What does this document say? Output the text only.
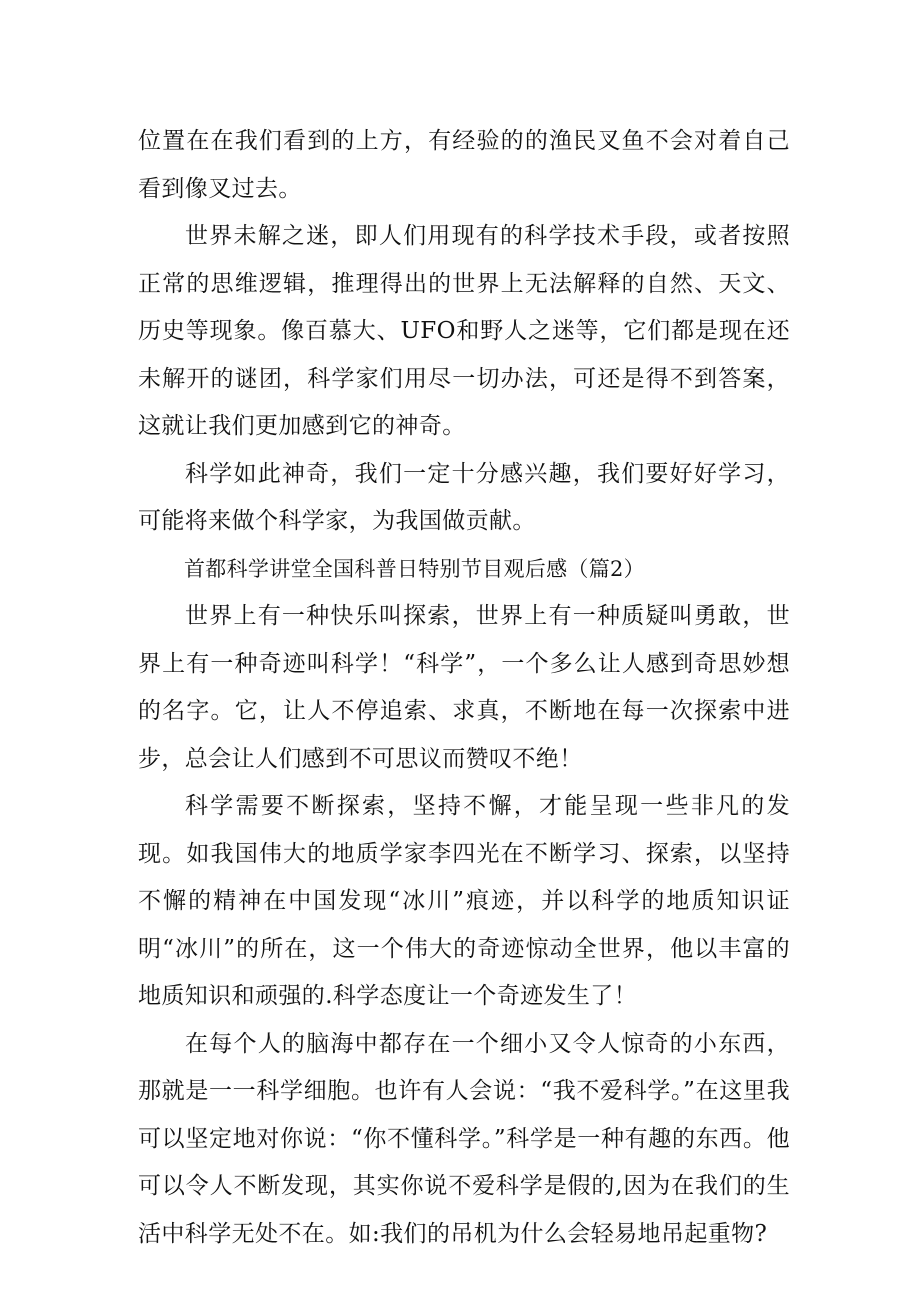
位置在在我们看到的上方，有经验的的渔民叉鱼不会对着自己看到像叉过去。

世界未解之迷，即人们用现有的科学技术手段，或者按照正常的思维逻辑，推理得出的世界上无法解释的自然、天文、历史等现象。像百慕大、UFO和野人之迷等，它们都是现在还未解开的谜团，科学家们用尽一切办法，可还是得不到答案，这就让我们更加感到它的神奇。

科学如此神奇，我们一定十分感兴趣，我们要好好学习，可能将来做个科学家，为我国做贡献。

首都科学讲堂全国科普日特别节目观后感（篇2）

世界上有一种快乐叫探索，世界上有一种质疑叫勇敢，世界上有一种奇迹叫科学！“科学”，一个多么让人感到奇思妙想的名字。它，让人不停追索、求真，不断地在每一次探索中进步，总会让人们感到不可思议而赞叹不绝！

科学需要不断探索，坚持不懈，才能呈现一些非凡的发现。如我国伟大的地质学家李四光在不断学习、探索，以坚持不懈的精神在中国发现“冰川”痕迹，并以科学的地质知识证明“冰川”的所在，这一个伟大的奇迹惊动全世界，他以丰富的地质知识和顽强的.科学态度让一个奇迹发生了！

在每个人的脑海中都存在一个细小又令人惊奇的小东西，那就是一一科学细胞。也许有人会说：“我不爱科学。”在这里我可以坚定地对你说：“你不懂科学。”科学是一种有趣的东西。他可以令人不断发现，其实你说不爱科学是假的,因为在我们的生活中科学无处不在。如:我们的吊机为什么会轻易地吊起重物?
